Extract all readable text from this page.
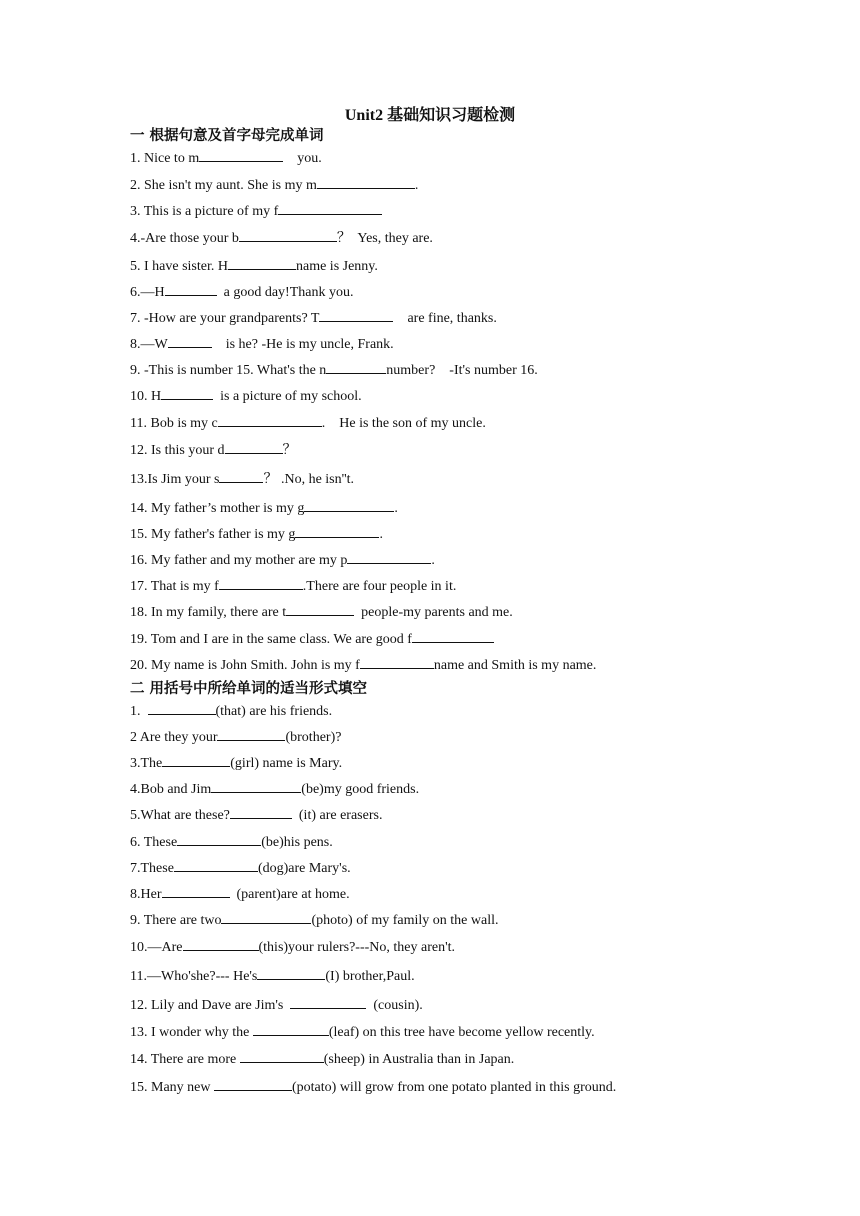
Unit2 基础知识习题检测
一 根据句意及首字母完成单词
1. Nice to m	you.
2. She isn't my aunt. She is my m	.
3. This is a picture of my f
4.-Are those your b	？  Yes, they are.
5. I have sister. H	name is Jenny.
6.—H	a good day!Thank you.
7. -How are your grandparents? T	are fine, thanks.
8.—W	is he? -He is my uncle, Frank.
9. -This is number 15. What's the n	number?    -It's number 16.
10. H	is a picture of my school.
11. Bob is my c	.    He is the son of my uncle.
12. Is this your d	？
13.Is Jim your s	？ .No, he isn''t.
14. My father’s mother is my g	.
15. My father's father is my g	.
16. My father and my mother are my p	.
17. That is my f	.There are four people in it.
18. In my family, there are t	people-my parents and me.
19. Tom and I are in the same class. We are good f
20. My name is John Smith. John is my f	name and Smith is my name.
二 用括号中所给单词的适当形式填空
1.	(that) are his friends.
2 Are they your	(brother)?
3.The	(girl) name is Mary.
4.Bob and Jim	(be)my good friends.
5.What are these?	(it) are erasers.
6. These	(be)his pens.
7.These	(dog)are Mary's.
8.Her	(parent)are at home.
9. There are two	(photo) of my family on the wall.
10.—Are	(this)your rulers?---No, they aren't.
11.—Who'she?--- He's	(I) brother,Paul.
12. Lily and Dave are Jim's	(cousin).
13. I wonder why the	(leaf) on this tree have become yellow recently.
14. There are more	(sheep) in Australia than in Japan.
15. Many new	(potato) will grow from one potato planted in this ground.
